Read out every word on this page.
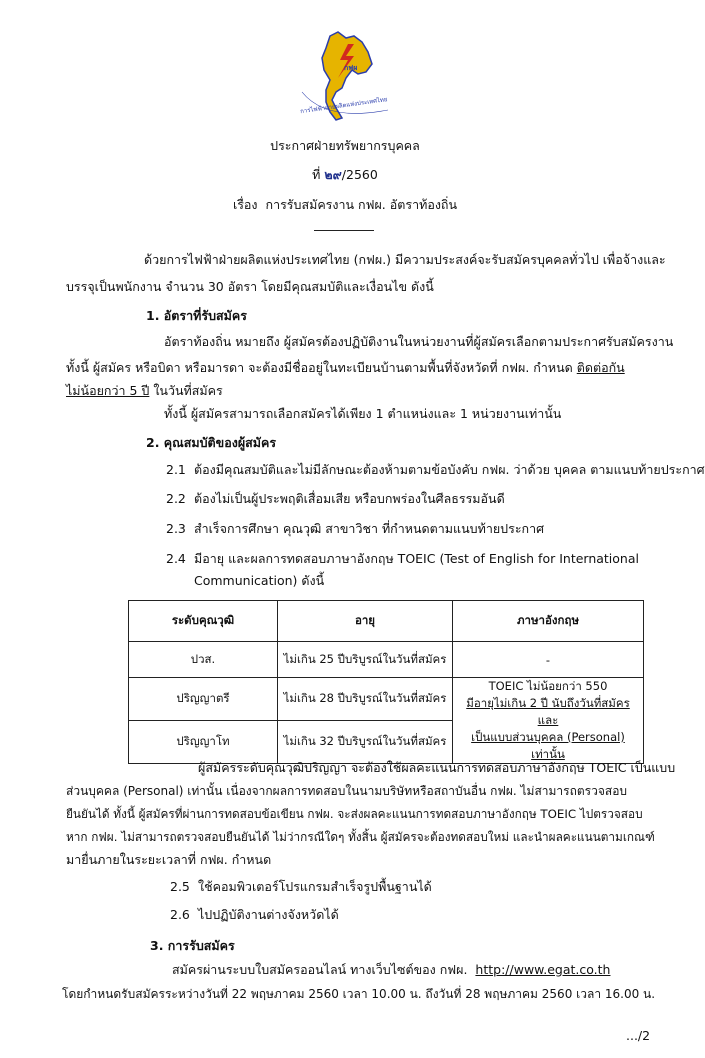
กฟผ
การไฟฟ้าฝ่ายผลิตแห่งประเทศไทย
ประกาศฝ่ายทรัพยากรบุคคล
ที่ ๒๙/2560
เรื่อง การรับสมัครงาน กฟผ. อัตราท้องถิ่น
ด้วยการไฟฟ้าฝ่ายผลิตแห่งประเทศไทย (กฟผ.) มีความประสงค์จะรับสมัครบุคคลทั่วไป เพื่อจ้างและ
บรรจุเป็นพนักงาน จำนวน 30 อัตรา โดยมีคุณสมบัติและเงื่อนไข ดังนี้
1. อัตราที่รับสมัคร
อัตราท้องถิ่น หมายถึง ผู้สมัครต้องปฏิบัติงานในหน่วยงานที่ผู้สมัครเลือกตามประกาศรับสมัครงาน
ทั้งนี้ ผู้สมัคร หรือบิดา หรือมารดา จะต้องมีชื่ออยู่ในทะเบียนบ้านตามพื้นที่จังหวัดที่ กฟผ. กำหนด ติดต่อกัน
ไม่น้อยกว่า 5 ปี ในวันที่สมัคร
ทั้งนี้ ผู้สมัครสามารถเลือกสมัครได้เพียง 1 ตำแหน่งและ 1 หน่วยงานเท่านั้น
2. คุณสมบัติของผู้สมัคร
2.1 ต้องมีคุณสมบัติและไม่มีลักษณะต้องห้ามตามข้อบังคับ กฟผ. ว่าด้วย บุคคล ตามแนบท้ายประกาศ
2.2 ต้องไม่เป็นผู้ประพฤติเสื่อมเสีย หรือบกพร่องในศีลธรรมอันดี
2.3 สำเร็จการศึกษา คุณวุฒิ สาขาวิชา ที่กำหนดตามแนบท้ายประกาศ
2.4 มีอายุ และผลการทดสอบภาษาอังกฤษ TOEIC (Test of English for International
Communication) ดังนี้
ระดับคุณวุฒิ	อายุ	ภาษาอังกฤษ
ปวส.	ไม่เกิน 25 ปีบริบูรณ์ในวันที่สมัคร	-
ปริญญาตรี	ไม่เกิน 28 ปีบริบูรณ์ในวันที่สมัคร	TOEIC ไม่น้อยกว่า 550
มีอายุไม่เกิน 2 ปี นับถึงวันที่สมัคร และ
เป็นแบบส่วนบุคคล (Personal) เท่านั้น

ปริญญาโท	ไม่เกิน 32 ปีบริบูรณ์ในวันที่สมัคร	
ผู้สมัครระดับคุณวุฒิปริญญา จะต้องใช้ผลคะแนนการทดสอบภาษาอังกฤษ TOEIC เป็นแบบ
ส่วนบุคคล (Personal) เท่านั้น เนื่องจากผลการทดสอบในนามบริษัทหรือสถาบันอื่น กฟผ. ไม่สามารถตรวจสอบ
ยืนยันได้ ทั้งนี้ ผู้สมัครที่ผ่านการทดสอบข้อเขียน กฟผ. จะส่งผลคะแนนการทดสอบภาษาอังกฤษ TOEIC ไปตรวจสอบ
หาก กฟผ. ไม่สามารถตรวจสอบยืนยันได้ ไม่ว่ากรณีใดๆ ทั้งสิ้น ผู้สมัครจะต้องทดสอบใหม่ และนำผลคะแนนตามเกณฑ์
มายื่นภายในระยะเวลาที่ กฟผ. กำหนด
2.5 ใช้คอมพิวเตอร์โปรแกรมสำเร็จรูปพื้นฐานได้
2.6 ไปปฏิบัติงานต่างจังหวัดได้
3. การรับสมัคร
สมัครผ่านระบบใบสมัครออนไลน์ ทางเว็บไซต์ของ กฟผ. http://www.egat.co.th
โดยกำหนดรับสมัครระหว่างวันที่ 22 พฤษภาคม 2560 เวลา 10.00 น. ถึงวันที่ 28 พฤษภาคม 2560 เวลา 16.00 น.
.../2
